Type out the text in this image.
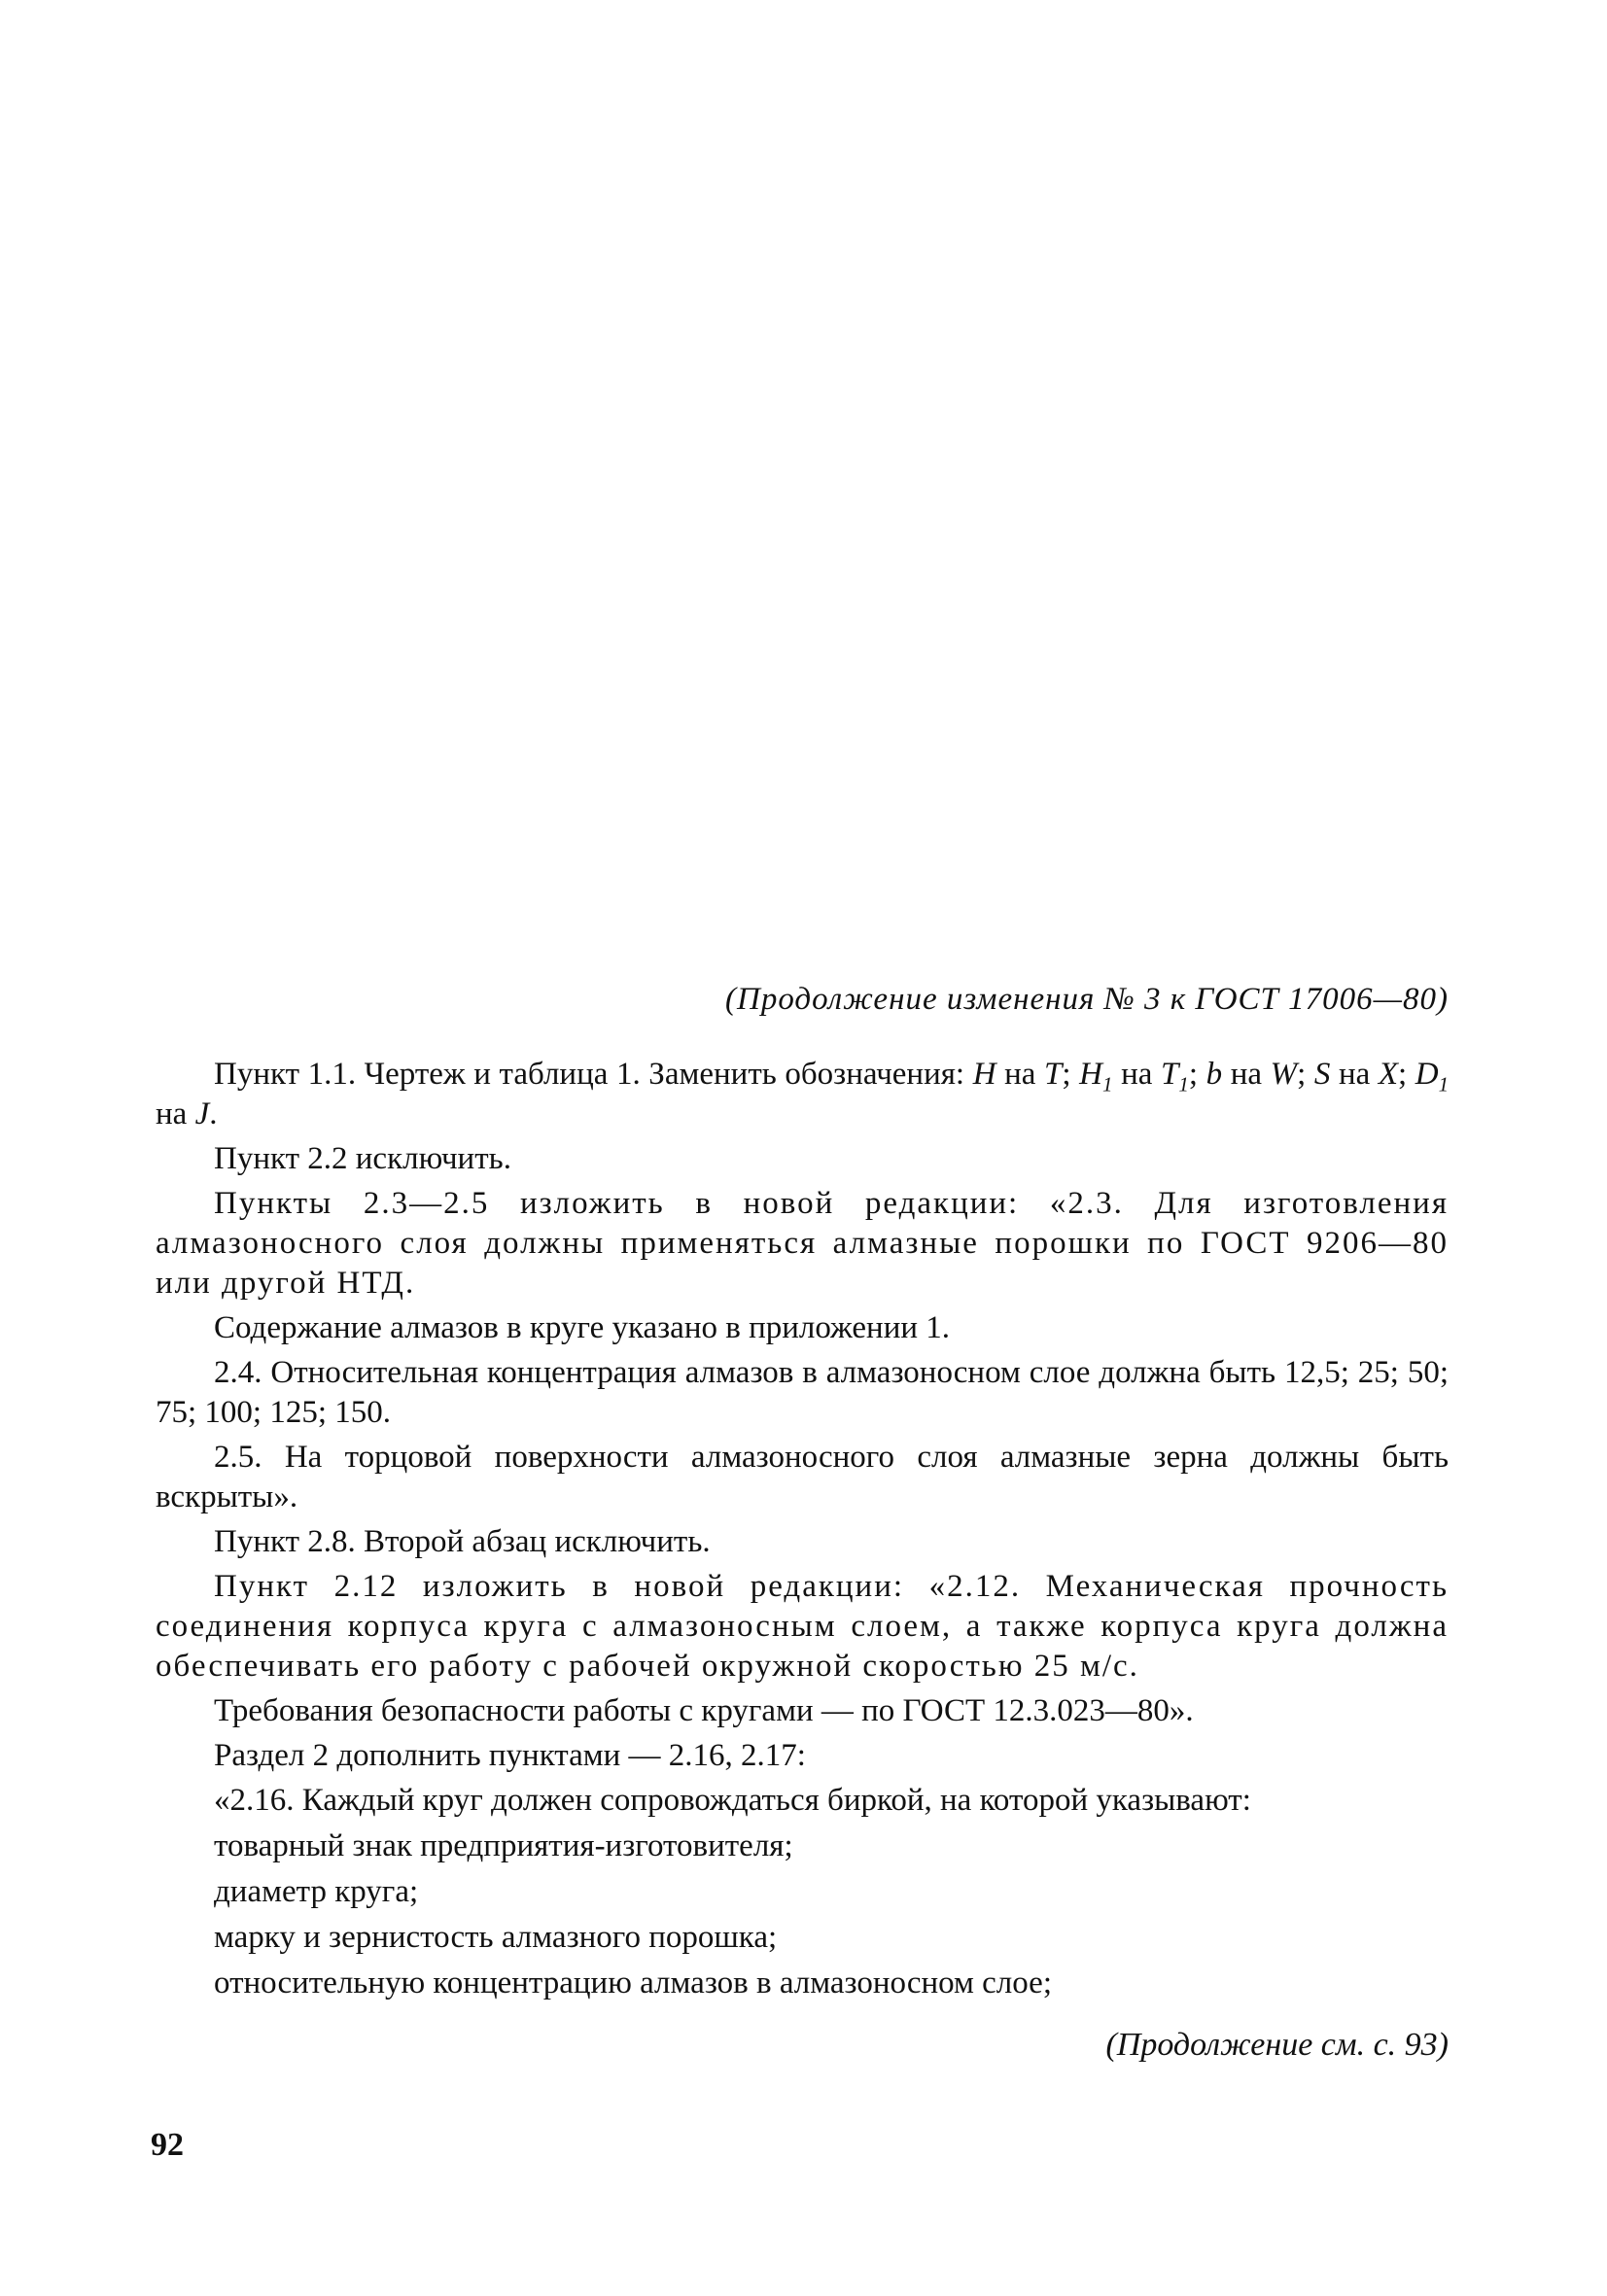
(Продолжение изменения № 3 к ГОСТ 17006—80)

Пункт 1.1. Чертеж и таблица 1. Заменить обозначения: H на T; $H_1$ на $T_1$; b на W; S на X; $D_1$ на J.

Пункт 2.2 исключить.

Пункты 2.3—2.5 изложить в новой редакции: «2.3. Для изготовления алмазоносного слоя должны применяться алмазные порошки по ГОСТ 9206—80 или другой НТД.

Содержание алмазов в круге указано в приложении 1.

2.4. Относительная концентрация алмазов в алмазоносном слое должна быть 12,5; 25; 50; 75; 100; 125; 150.

2.5. На торцовой поверхности алмазоносного слоя алмазные зерна должны быть вскрыты».

Пункт 2.8. Второй абзац исключить.

Пункт 2.12 изложить в новой редакции: «2.12. Механическая прочность соединения корпуса круга с алмазоносным слоем, а также корпуса круга должна обеспечивать его работу с рабочей окружной скоростью 25 м/с.

Требования безопасности работы с кругами — по ГОСТ 12.3.023—80».

Раздел 2 дополнить пунктами — 2.16, 2.17:

«2.16. Каждый круг должен сопровождаться биркой, на которой указывают:

товарный знак предприятия-изготовителя;

диаметр круга;

марку и зернистость алмазного порошка;

относительную концентрацию алмазов в алмазоносном слое;

(Продолжение см. с. 93)
92
